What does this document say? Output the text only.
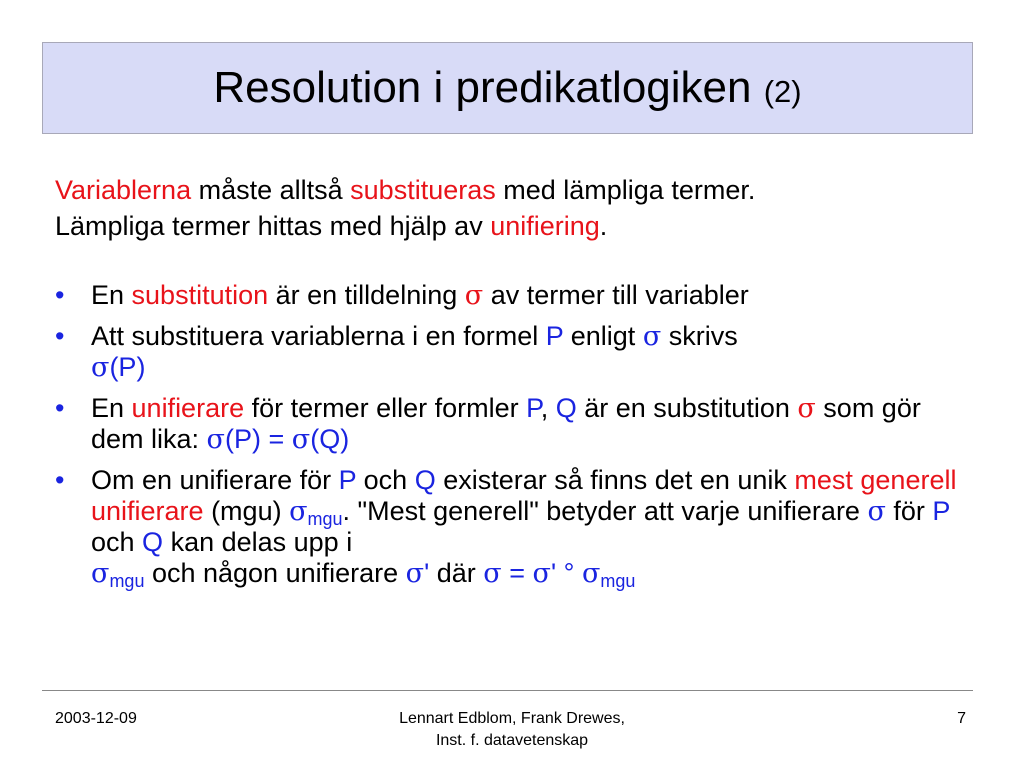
Resolution i predikatlogiken (2)
Variablerna måste alltså substitueras med lämpliga termer.
Lämpliga termer hittas med hjälp av unifiering.
• En substitution är en tilldelning σ av termer till variabler
• Att substituera variablerna i en formel P enligt σ skrivs
σ(P)
• En unifierare för termer eller formler P, Q är en substitution σ som gör dem lika: σ(P) = σ(Q)
• Om en unifierare för P och Q existerar så finns det en unik mest generell unifierare (mgu) $\sigma_{mgu}$. "Mest generell" betyder att varje unifierare σ för P och Q kan delas upp i
$\sigma_{mgu}$ och någon unifierare σ' där σ = σ' ° $\sigma_{mgu}$
2003-12-09	Lennart Edblom, Frank Drewes,
Inst. f. datavetenskap
7
